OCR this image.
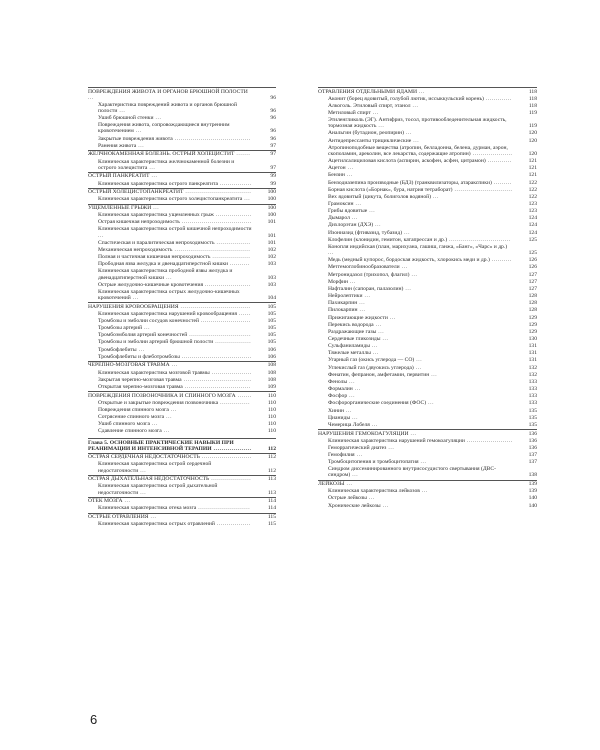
ПОВРЕЖДЕНИЯ ЖИВОТА И ОРГАНОВ БРЮШНОЙ ПОЛОСТИ ...	96
Характеристика повреждений живота и органов брюшной полости ...	96
Ушиб брюшной стенки ...	96
Повреждения живота, сопровождающиеся внутренним кровотечением ...	96
Закрытые повреждения живота ......................................	96
Ранения живота ...	97
ЖЕЛЧНОКАМЕННАЯ БОЛЕЗНЬ. ОСТРЫЙ ХОЛЕЦИСТИТ .......	97
Клиническая характеристика желчнокаменной болезни и острого холецистита ...	97
ОСТРЫЙ ПАНКРЕАТИТ ...	99
Клиническая характеристика острого панкреатита ................	99
ОСТРЫЙ ХОЛЕЦИСТОПАНКРЕАТИТ .................................	100
Клиническая характеристика острого холецистопанкреатита ...	100
УЩЕМЛЕННЫЕ ГРЫЖИ ...	100
Клиническая характеристика ущемленных грыж ..................	100
Острая кишечная непроходимость ...................................	101
Клиническая характеристика острой кишечной непроходимости ...	101
Спастическая и паралитическая непроходимость .................	101
Механическая непроходимость ......................................	102
Полная и частичная кишечная непроходимость ...................	102
Прободная язва желудка и двенадцатиперстной кишки ..........	103
Клиническая характеристика прободной язвы желудка и двенадцатиперстной кишки ...	103
Острые желудочно-кишечные кровотечения .......................	103
Клиническая характеристика острых желудочно-кишечных кровотечений ...	104
НАРУШЕНИЯ КРОВООБРАЩЕНИЯ ...................................	105
Клиническая характеристика нарушений кровообращения ......	105
Тромбозы и эмболии сосудов конечностей .........................	105
Тромбозы артерий ...	105
Тромбоэмболия артерий конечностей ...............................	105
Тромбозы и эмболии артерий брюшной полости ..................	105
Тромбофлебиты ...	106
Тромбофлебиты и флеботромбозы ...................................	106
ЧЕРЕПНО-МОЗГОВАЯ ТРАВМА ...	108
Клиническая характеристика мозговой травмы ....................	108
Закрытая черепно-мозговая травма ..................................	108
Открытая черепно-мозговая травма .................................	109
ПОВРЕЖДЕНИЯ ПОЗВОНОЧНИКА И СПИННОГО МОЗГА .......	110
Открытые и закрытые повреждения позвоночника ...............	110
Повреждения спинного мозга ...	110
Сотрясение спинного мозга ...	110
Ушиб спинного мозга ...	110
Сдавление спинного мозга ...	110
Глава 5. ОСНОВНЫЕ ПРАКТИЧЕСКИЕ НАВЫКИ ПРИ РЕАНИМАЦИИ И ИНТЕНСИВНОЙ ТЕРАПИИ ...................	112
ОСТРАЯ СЕРДЕЧНАЯ НЕДОСТАТОЧНОСТЬ .........................	112
Клиническая характеристика острой сердечной недостаточности ...	112
ОСТРАЯ ДЫХАТЕЛЬНАЯ НЕДОСТАТОЧНОСТЬ ....................	113
Клиническая характеристика острой дыхательной недостаточности ...	113
ОТЕК МОЗГА ...	114
Клиническая характеристика отека мозга ..........................	114
ОСТРЫЕ ОТРАВЛЕНИЯ ...	115
Клиническая характеристика острых отравлений .................	115
ОТРАВЛЕНИЯ ОТДЕЛЬНЫМИ ЯДАМИ ...	118
Аконит (борец ядовитый, голубой лютик, иссыккульский корень) .............	118
Алкоголь. Этиловый спирт, этанол ...	118
Метиловый спирт ...	119
Этиленгликоль (ЭГ). Антифриз, тосол, противообледенительная жидкость, тормозная жидкость ...	119
Анальгин (бутадион, реопирин) ...	120
Антидепрессанты трициклические ...	120
Атропиноподобные вещества (атропин, белладонна, белена, дурман, аэрон, скополамин, ареколин, все лекарства, содержащие атропин) ....................	120
Ацетилсалициловая кислота (аспирин, аскофен, асфен, цитрамон) ............	121
Ацетон ...	121
Бензин ...	121
Бензодиазепина производные (БДЗ) (транквилизаторы, атаракспики) .........	122
Борная кислота («Борнак», бура, натрия тетраборат) .............................	122
Вех ядовитый (цикута, болиголов водяной) ...	122
Грамоксин ...	123
Грибы ядовитые ...	123
Дымарол ...	124
Дихлорэтан (ДХЭ) ...	124
Изониазид (фтивазид, тубазид) ...	124
Клофелин (клонидин, гемитон, катапрессан и др.) ...............................	125
Конопля индийская (план, марихуана, гашиш, ганжа, «Банг», «Чарс» и др.) ...	125
Медь (медный купорос, бордоская жидкость, хлорокись меди и др.) ..........	126
Метгемоглобинообразователи ...	126
Метронидазол (трихопол, флагил) ...	127
Морфин ...	127
Нафталин (сапоран, палазолин) ...	127
Нейролептики ...	128
Пахикарпин ...	128
Пилокарпин ...	128
Прижигающие жидкости ...	129
Перекись водорода ...	129
Раздражающие газы ...	129
Сердечные гликозиды ...	130
Сульфаниламиды ...	131
Тяжелые металлы ...	131
Угарный газ (окись углерода — СО) ...	131
Углекислый газ (двуокись углерода) ...	132
Фенатин, фепранон, амфетамин, первитин ...	132
Фенолы ...	133
Формалин ...	133
Фосфор ...	133
Фосфорорганические соединения (ФОС) ...	133
Хинин ...	135
Цианиды ...	135
Чемерица Лобеля ...	135
НАРУШЕНИЯ ГЕМОКОАГУЛЯЦИИ ...	136
Клиническая характеристика нарушений гемокоагуляции .......................	136
Геморрагический диатез ...	136
Гемофилия ...	137
Тромбоцитопения и тромбоцитопатия ...	137
Синдром диссеминированного внутрисосудистого свертывания (ДВС-синдром) ...	138
ЛЕЙКОЗЫ ...	139
Клиническая характеристика лейкозов ...	139
Острые лейкозы ...	140
Хронические лейкозы ...	140
6
